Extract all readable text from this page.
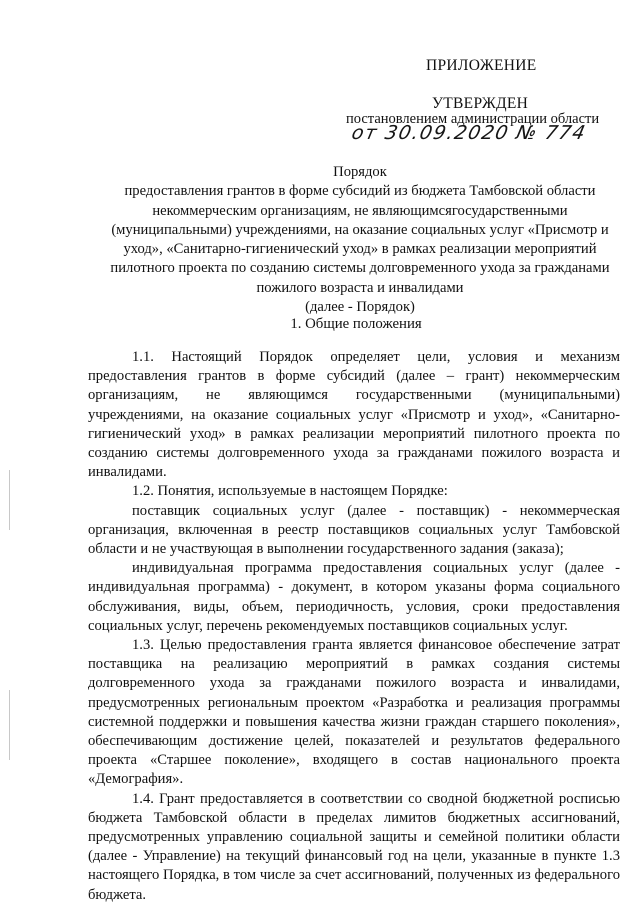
ПРИЛОЖЕНИЕ
УТВЕРЖДЕН
постановлением администрации области
от 30.09.2020 № 774
Порядок
предоставления грантов в форме субсидий из бюджета Тамбовской области
некоммерческим организациям, не являющимсягосударственными
(муниципальными) учреждениями, на оказание социальных услуг «Присмотр и
уход», «Санитарно-гигиенический уход» в рамках реализации мероприятий
пилотного проекта по созданию системы долговременного ухода за гражданами
пожилого возраста и инвалидами
(далее - Порядок)
1. Общие положения

1.1. Настоящий Порядок определяет цели, условия и механизм предоставления грантов в форме субсидий (далее – грант) некоммерческим организациям, не являющимся государственными (муниципальными) учреждениями, на оказание социальных услуг «Присмотр и уход», «Санитарно-гигиенический уход» в рамках реализации мероприятий пилотного проекта по созданию системы долговременного ухода за гражданами пожилого возраста и инвалидами.

1.2. Понятия, используемые в настоящем Порядке:

поставщик социальных услуг (далее - поставщик) - некоммерческая организация, включенная в реестр поставщиков социальных услуг Тамбовской области и не участвующая в выполнении государственного задания (заказа);

индивидуальная программа предоставления социальных услуг (далее - индивидуальная программа) - документ, в котором указаны форма социального обслуживания, виды, объем, периодичность, условия, сроки предоставления социальных услуг, перечень рекомендуемых поставщиков социальных услуг.

1.3. Целью предоставления гранта является финансовое обеспечение затрат поставщика на реализацию мероприятий в рамках создания системы долговременного ухода за гражданами пожилого возраста и инвалидами, предусмотренных региональным проектом «Разработка и реализация программы системной поддержки и повышения качества жизни граждан старшего поколения», обеспечивающим достижение целей, показателей и результатов федерального проекта «Старшее поколение», входящего в состав национального проекта «Демография».

1.4. Грант предоставляется в соответствии со сводной бюджетной росписью бюджета Тамбовской области в пределах лимитов бюджетных ассигнований, предусмотренных управлению социальной защиты и семейной политики области (далее - Управление) на текущий финансовый год на цели, указанные в пункте 1.3 настоящего Порядка, в том числе за счет ассигнований, полученных из федерального бюджета.
